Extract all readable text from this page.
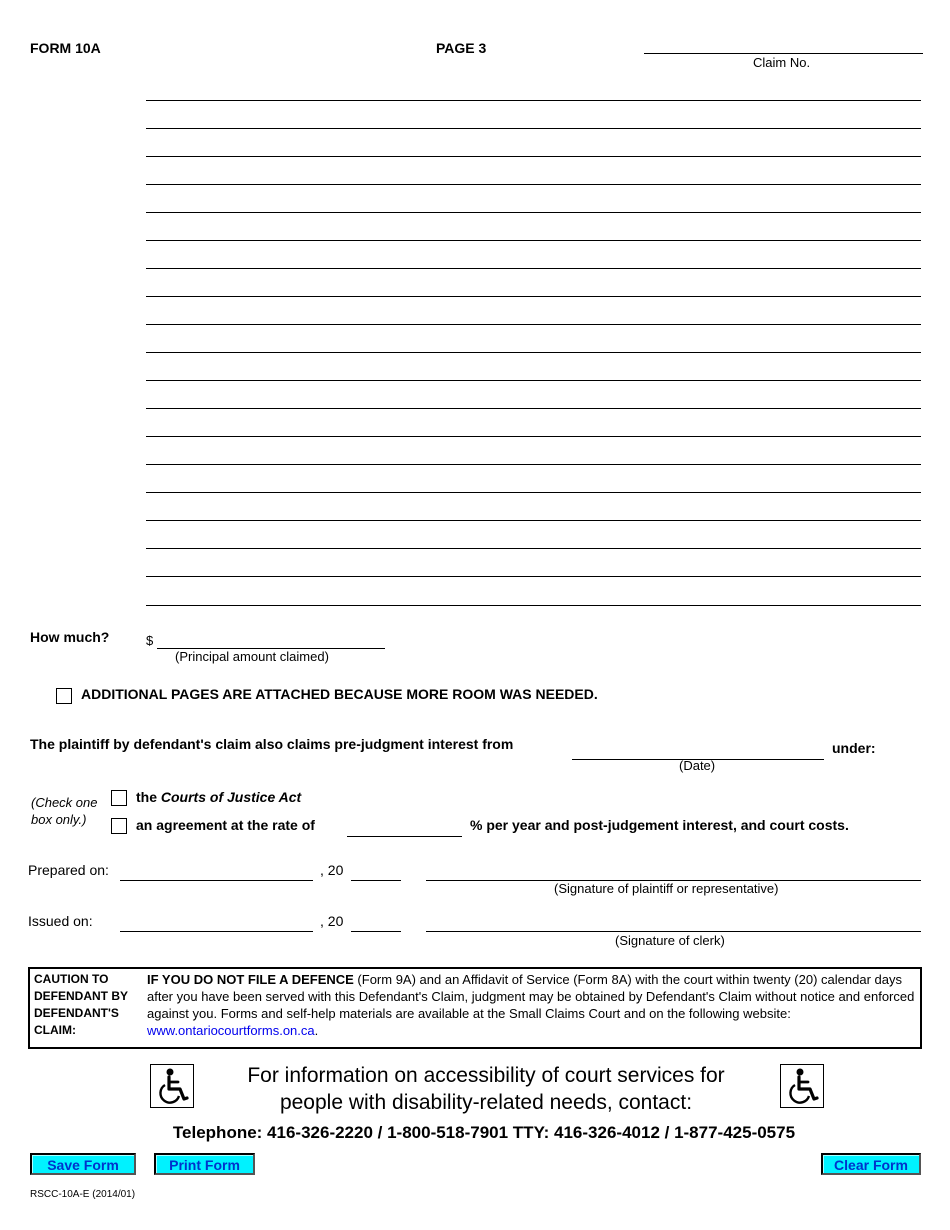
FORM 10A	PAGE 3
Claim No.
How much?	$
(Principal amount claimed)
ADDITIONAL PAGES ARE ATTACHED BECAUSE MORE ROOM WAS NEEDED.
The plaintiff by defendant's claim also claims pre-judgment interest from
(Date)
under:
(Check one
box only.)
the Courts of Justice Act
an agreement at the rate of	% per year and post-judgement interest, and court costs.
Prepared on:	, 20
(Signature of plaintiff or representative)
Issued on:	, 20
(Signature of clerk)
CAUTION TO DEFENDANT BY DEFENDANT'S CLAIM:
IF YOU DO NOT FILE A DEFENCE (Form 9A) and an Affidavit of Service (Form 8A) with the court within twenty (20) calendar days after you have been served with this Defendant's Claim, judgment may be obtained by Defendant's Claim without notice and enforced against you. Forms and self-help materials are available at the Small Claims Court and on the following website: www.ontariocourtforms.on.ca.
For information on accessibility of court services for
people with disability-related needs, contact:
Telephone: 416-326-2220 / 1-800-518-7901 TTY: 416-326-4012 / 1-877-425-0575
Save Form	Print Form	Clear Form
RSCC-10A-E (2014/01)
